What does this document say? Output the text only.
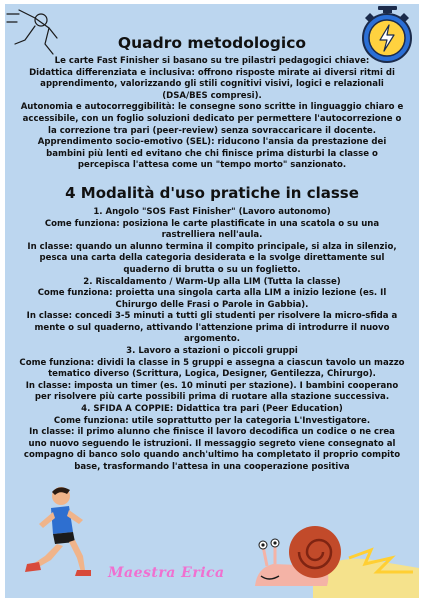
Quadro metodologico

Le carte Fast Finisher si basano su tre pilastri pedagogici chiave:

Didattica differenziata e inclusiva: offrono risposte mirate ai diversi ritmi di apprendimento, valorizzando gli stili cognitivi visivi, logici e relazionali (DSA/BES compresi).

Autonomia e autocorreggibilità: le consegne sono scritte in linguaggio chiaro e accessibile, con un foglio soluzioni dedicato per permettere l'autocorrezione o la correzione tra pari (peer-review) senza sovraccaricare il docente.

Apprendimento socio-emotivo (SEL): riducono l'ansia da prestazione dei bambini più lenti ed evitano che chi finisce prima disturbi la classe o percepisca l'attesa come un "tempo morto" sanzionato.

4 Modalità d'uso pratiche in classe

1. Angolo "SOS Fast Finisher" (Lavoro autonomo)

Come funziona: posiziona le carte plastificate in una scatola o su una rastrelliera nell'aula.

In classe: quando un alunno termina il compito principale, si alza in silenzio, pesca una carta della categoria desiderata e la svolge direttamente sul quaderno di brutta o su un foglietto.

2. Riscaldamento / Warm-Up alla LIM (Tutta la classe)

Come funziona: proietta una singola carta alla LIM a inizio lezione (es. Il Chirurgo delle Frasi o Parole in Gabbia).

In classe: concedi 3-5 minuti a tutti gli studenti per risolvere la micro-sfida a mente o sul quaderno, attivando l'attenzione prima di introdurre il nuovo argomento.

3. Lavoro a stazioni o piccoli gruppi

Come funziona: dividi la classe in 5 gruppi e assegna a ciascun tavolo un mazzo tematico diverso (Scrittura, Logica, Designer, Gentilezza, Chirurgo).

In classe: imposta un timer (es. 10 minuti per stazione). I bambini cooperano per risolvere più carte possibili prima di ruotare alla stazione successiva.

4. SFIDA A COPPIE: Didattica tra pari (Peer Education)

Come funziona: utile soprattutto per la categoria L'Investigatore.

In classe: il primo alunno che finisce il lavoro decodifica un codice o ne crea uno nuovo seguendo le istruzioni. Il messaggio segreto viene consegnato al compagno di banco solo quando anch'ultimo ha completato il proprio compito base, trasformando l'attesa in una cooperazione positiva

Maestra Erica
